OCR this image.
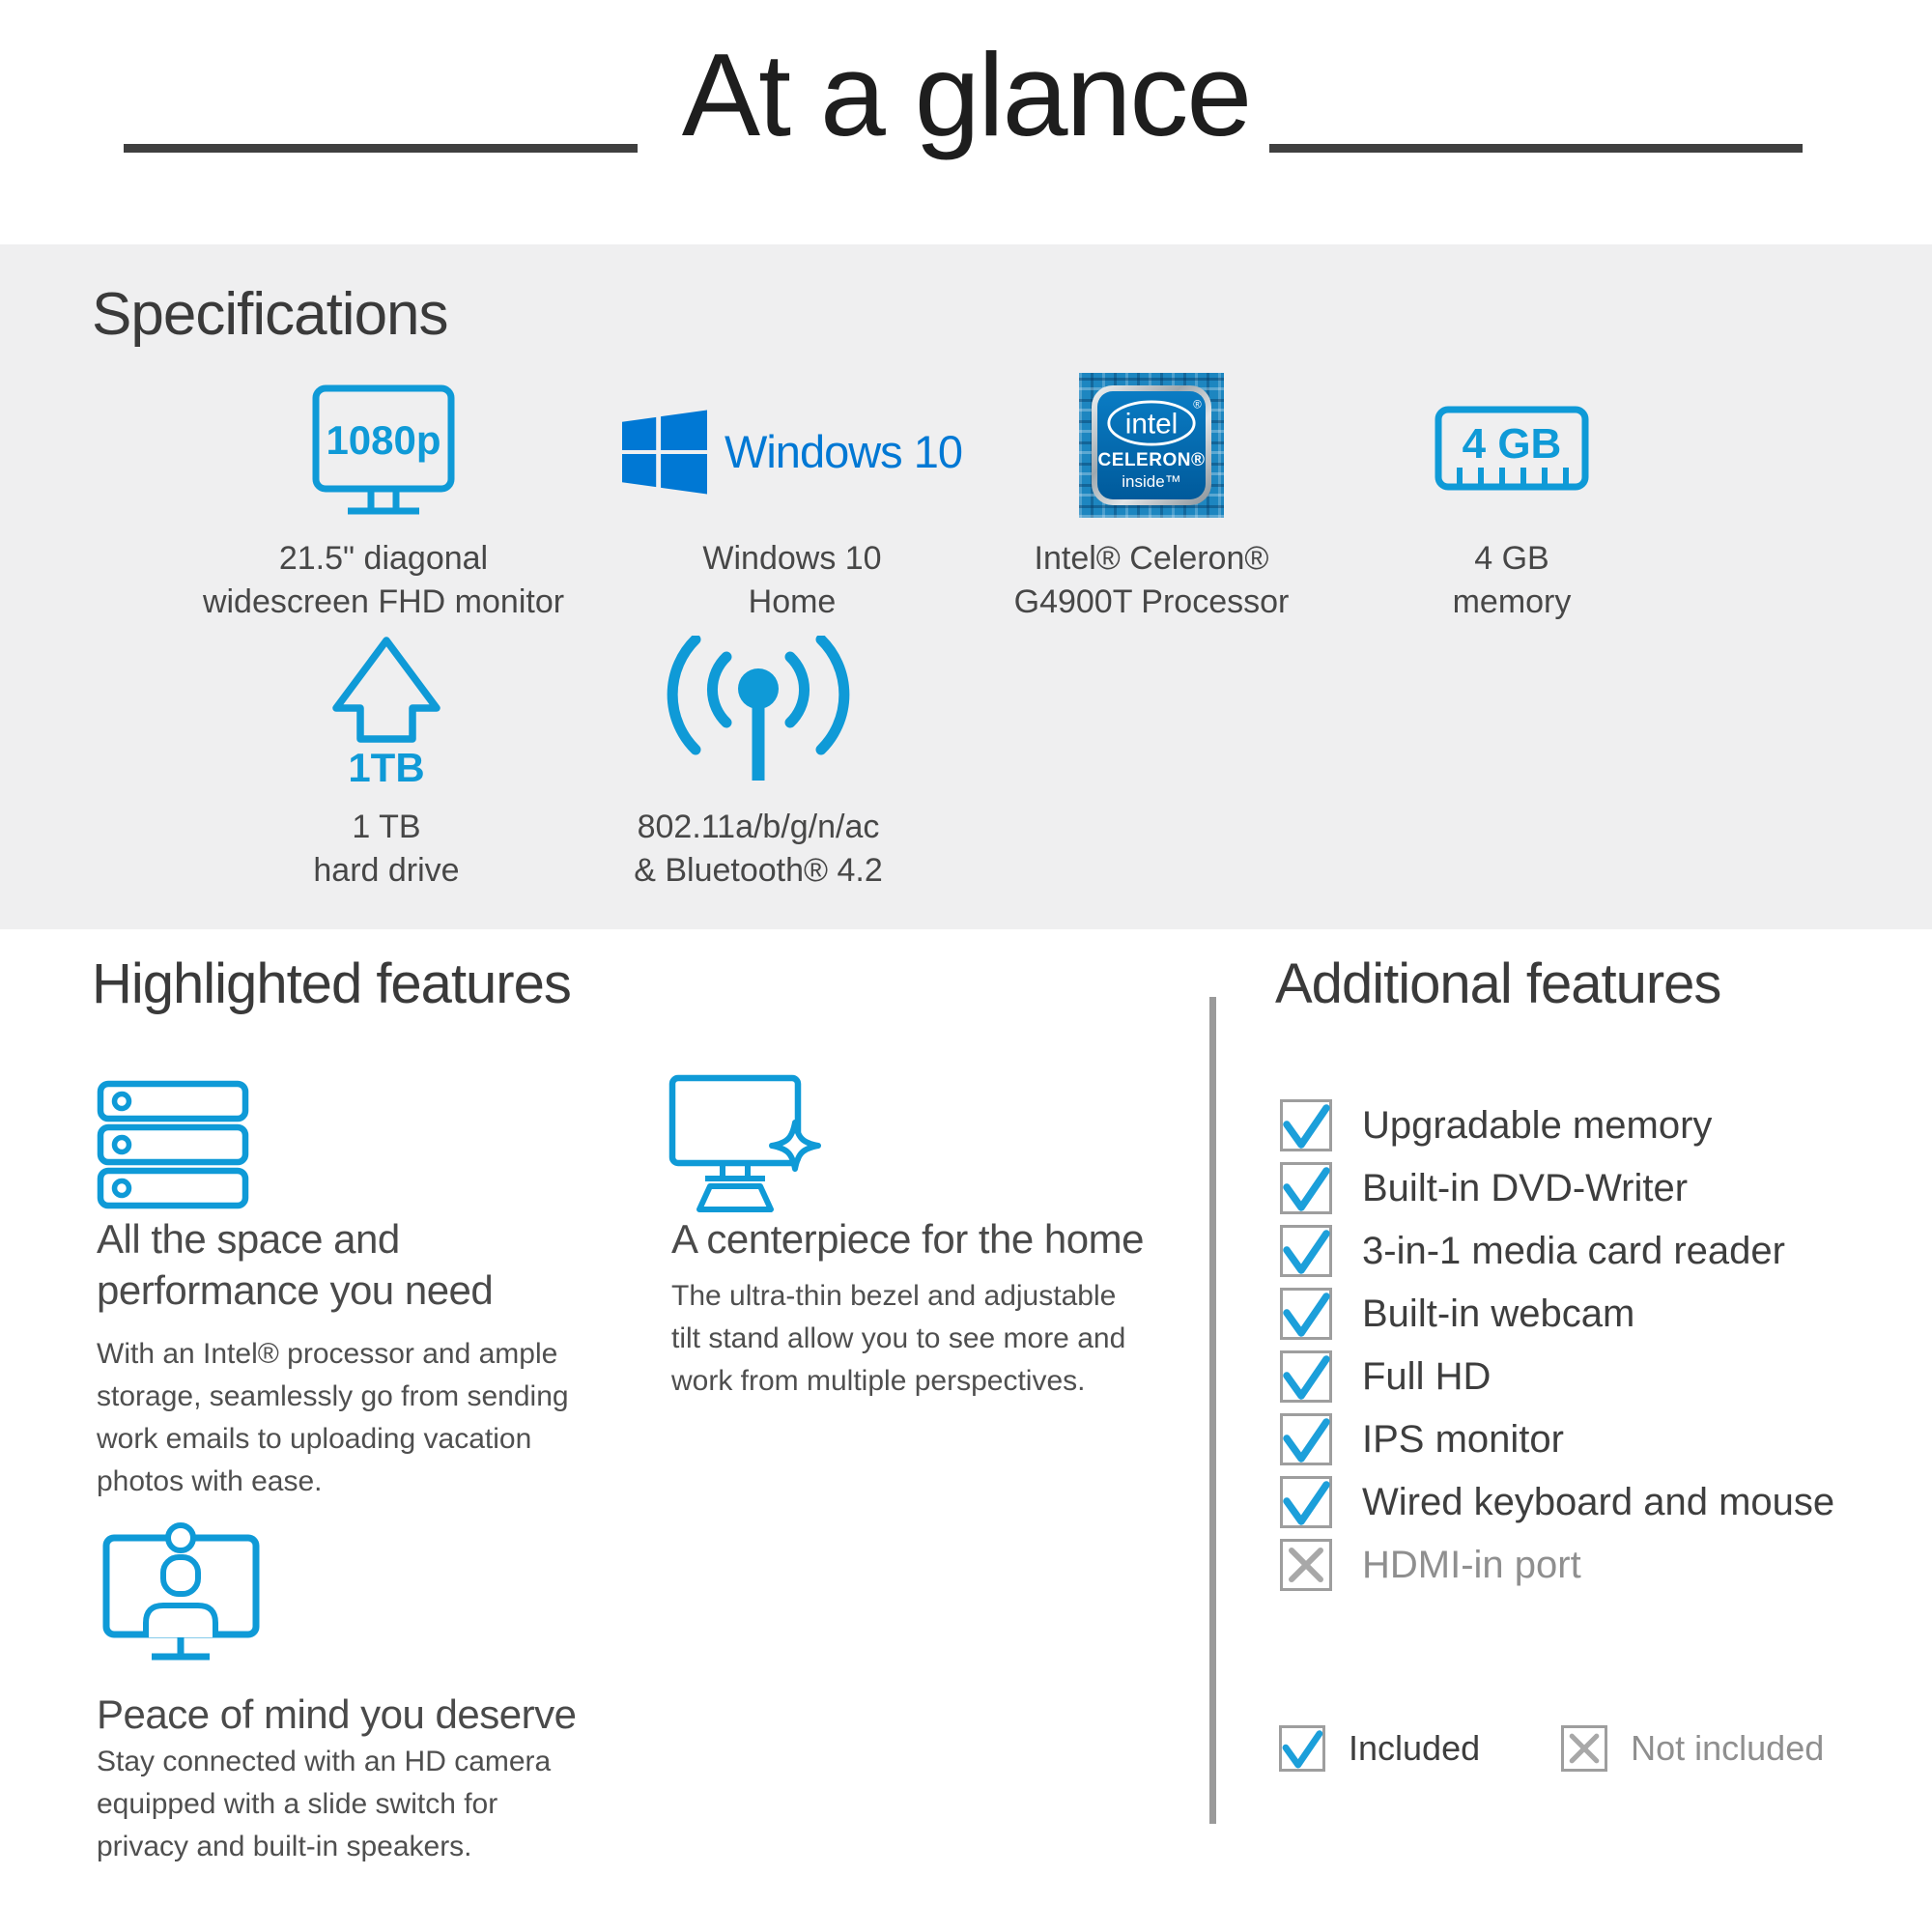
At a glance
Specifications
1080p
21.5" diagonal
widescreen FHD monitor
Windows 10
Windows 10
Home
intel
®
CELERON®
inside™
Intel® Celeron®
G4900T Processor
4 GB
4 GB
memory
1TB
1 TB
hard drive
802.11a/b/g/n/ac
& Bluetooth® 4.2
Highlighted features	Additional features
All the space and performance you need
With an Intel® processor and ample storage, seamlessly go from sending work emails to uploading vacation photos with ease.
A centerpiece for the home
The ultra-thin bezel and adjustable tilt stand allow you to see more and work from multiple perspectives.
Peace of mind you deserve
Stay connected with an HD camera equipped with a slide switch for privacy and built-in speakers.
Upgradable memory
Built-in DVD-Writer
3-in-1 media card reader
Built-in webcam
Full HD
IPS monitor
Wired keyboard and mouse
HDMI-in port
Included	Not included
